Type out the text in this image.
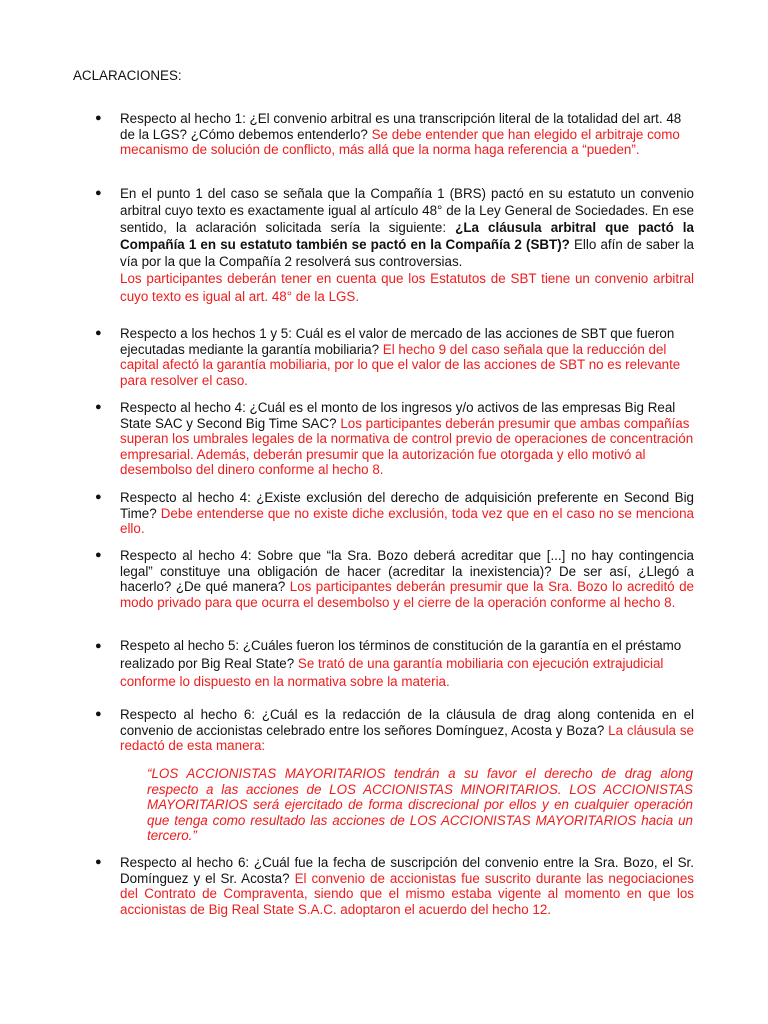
ACLARACIONES:
● Respecto al hecho 1: ¿El convenio arbitral es una transcripción literal de la totalidad del art. 48 de la LGS? ¿Cómo debemos entenderlo? Se debe entender que han elegido el arbitraje como mecanismo de solución de conflicto, más allá que la norma haga referencia a “pueden”.
● En el punto 1 del caso se señala que la Compañía 1 (BRS) pactó en su estatuto un convenio arbitral cuyo texto es exactamente igual al artículo 48° de la Ley General de Sociedades. En ese sentido, la aclaración solicitada sería la siguiente: ¿La cláusula arbitral que pactó la Compañía 1 en su estatuto también se pactó en la Compañía 2 (SBT)? Ello afín de saber la vía por la que la Compañía 2 resolverá sus controversias.
Los participantes deberán tener en cuenta que los Estatutos de SBT tiene un convenio arbitral cuyo texto es igual al art. 48° de la LGS.
● Respecto a los hechos 1 y 5: Cuál es el valor de mercado de las acciones de SBT que fueron ejecutadas mediante la garantía mobiliaria? El hecho 9 del caso señala que la reducción del capital afectó la garantía mobiliaria, por lo que el valor de las acciones de SBT no es relevante para resolver el caso.
● Respecto al hecho 4: ¿Cuál es el monto de los ingresos y/o activos de las empresas Big Real State SAC y Second Big Time SAC? Los participantes deberán presumir que ambas compañías superan los umbrales legales de la normativa de control previo de operaciones de concentración empresarial. Además, deberán presumir que la autorización fue otorgada y ello motivó al desembolso del dinero conforme al hecho 8.
● Respecto al hecho 4: ¿Existe exclusión del derecho de adquisición preferente en Second Big Time? Debe entenderse que no existe diche exclusión, toda vez que en el caso no se menciona ello.
● Respecto al hecho 4: Sobre que “la Sra. Bozo deberá acreditar que [...] no hay contingencia legal” constituye una obligación de hacer (acreditar la inexistencia)? De ser así, ¿Llegó a hacerlo? ¿De qué manera? Los participantes deberán presumir que la Sra. Bozo lo acreditó de modo privado para que ocurra el desembolso y el cierre de la operación conforme al hecho 8.
● Respeto al hecho 5: ¿Cuáles fueron los términos de constitución de la garantía en el préstamo realizado por Big Real State? Se trató de una garantía mobiliaria con ejecución extrajudicial conforme lo dispuesto en la normativa sobre la materia.
● Respecto al hecho 6: ¿Cuál es la redacción de la cláusula de drag along contenida en el convenio de accionistas celebrado entre los señores Domínguez, Acosta y Boza? La cláusula se redactó de esta manera:
“LOS ACCIONISTAS MAYORITARIOS tendrán a su favor el derecho de drag along respecto a las acciones de LOS ACCIONISTAS MINORITARIOS. LOS ACCIONISTAS MAYORITARIOS será ejercitado de forma discrecional por ellos y en cualquier operación que tenga como resultado las acciones de LOS ACCIONISTAS MAYORITARIOS hacia un tercero.”
● Respecto al hecho 6: ¿Cuál fue la fecha de suscripción del convenio entre la Sra. Bozo, el Sr. Domínguez y el Sr. Acosta? El convenio de accionistas fue suscrito durante las negociaciones del Contrato de Compraventa, siendo que el mismo estaba vigente al momento en que los accionistas de Big Real State S.A.C. adoptaron el acuerdo del hecho 12.
